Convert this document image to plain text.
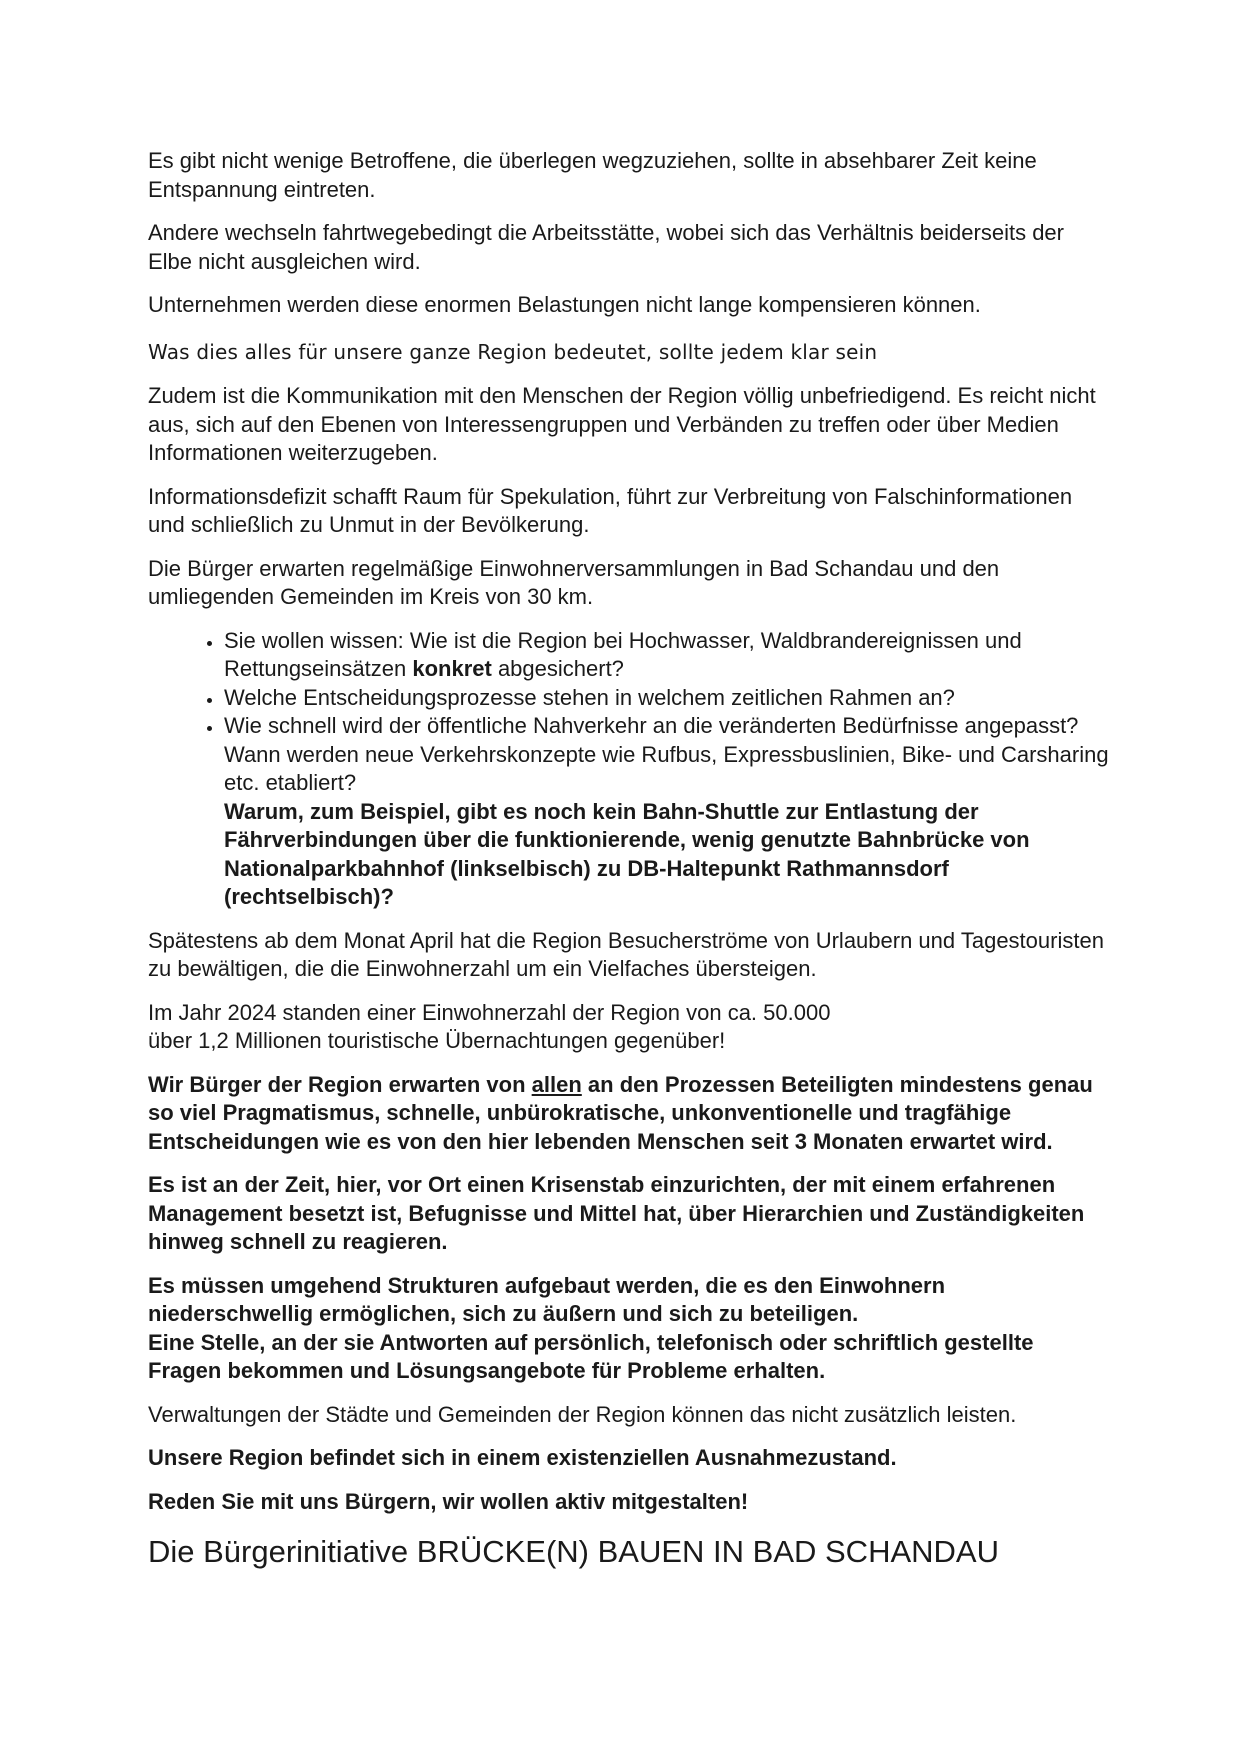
Es gibt nicht wenige Betroffene, die überlegen wegzuziehen, sollte in absehbarer Zeit keine Entspannung eintreten.

Andere wechseln fahrtwegebedingt die Arbeitsstätte, wobei sich das Verhältnis beiderseits der Elbe nicht ausgleichen wird.

Unternehmen werden diese enormen Belastungen nicht lange kompensieren können.

Was dies alles für unsere ganze Region bedeutet, sollte jedem klar sein

Zudem ist die Kommunikation mit den Menschen der Region völlig unbefriedigend. Es reicht nicht aus, sich auf den Ebenen von Interessengruppen und Verbänden zu treffen oder über Medien Informationen weiterzugeben.

Informationsdefizit schafft Raum für Spekulation, führt zur Verbreitung von Falschinformationen und schließlich zu Unmut in der Bevölkerung.

Die Bürger erwarten regelmäßige Einwohnerversammlungen in Bad Schandau und den umliegenden Gemeinden im Kreis von 30 km.

• Sie wollen wissen: Wie ist die Region bei Hochwasser, Waldbrandereignissen und Rettungseinsätzen konkret abgesichert?
• Welche Entscheidungsprozesse stehen in welchem zeitlichen Rahmen an?
• Wie schnell wird der öffentliche Nahverkehr an die veränderten Bedürfnisse angepasst? Wann werden neue Verkehrskonzepte wie Rufbus, Expressbuslinien, Bike- und Carsharing etc. etabliert?
Warum, zum Beispiel, gibt es noch kein Bahn-Shuttle zur Entlastung der Fährverbindungen über die funktionierende, wenig genutzte Bahnbrücke von Nationalparkbahnhof (linkselbisch) zu DB-Haltepunkt Rathmannsdorf (rechtselbisch)?

Spätestens ab dem Monat April hat die Region Besucherströme von Urlaubern und Tagestouristen zu bewältigen, die die Einwohnerzahl um ein Vielfaches übersteigen.

Im Jahr 2024 standen einer Einwohnerzahl der Region von ca. 50.000
über 1,2 Millionen touristische Übernachtungen gegenüber!

Wir Bürger der Region erwarten von allen an den Prozessen Beteiligten mindestens genau so viel Pragmatismus, schnelle, unbürokratische, unkonventionelle und tragfähige Entscheidungen wie es von den hier lebenden Menschen seit 3 Monaten erwartet wird.

Es ist an der Zeit, hier, vor Ort einen Krisenstab einzurichten, der mit einem erfahrenen Management besetzt ist, Befugnisse und Mittel hat, über Hierarchien und Zuständigkeiten hinweg schnell zu reagieren.

Es müssen umgehend Strukturen aufgebaut werden, die es den Einwohnern niederschwellig ermöglichen, sich zu äußern und sich zu beteiligen.
Eine Stelle, an der sie Antworten auf persönlich, telefonisch oder schriftlich gestellte Fragen bekommen und Lösungsangebote für Probleme erhalten.

Verwaltungen der Städte und Gemeinden der Region können das nicht zusätzlich leisten.

Unsere Region befindet sich in einem existenziellen Ausnahmezustand.

Reden Sie mit uns Bürgern, wir wollen aktiv mitgestalten!

Die Bürgerinitiative BRÜCKE(N) BAUEN IN BAD SCHANDAU
